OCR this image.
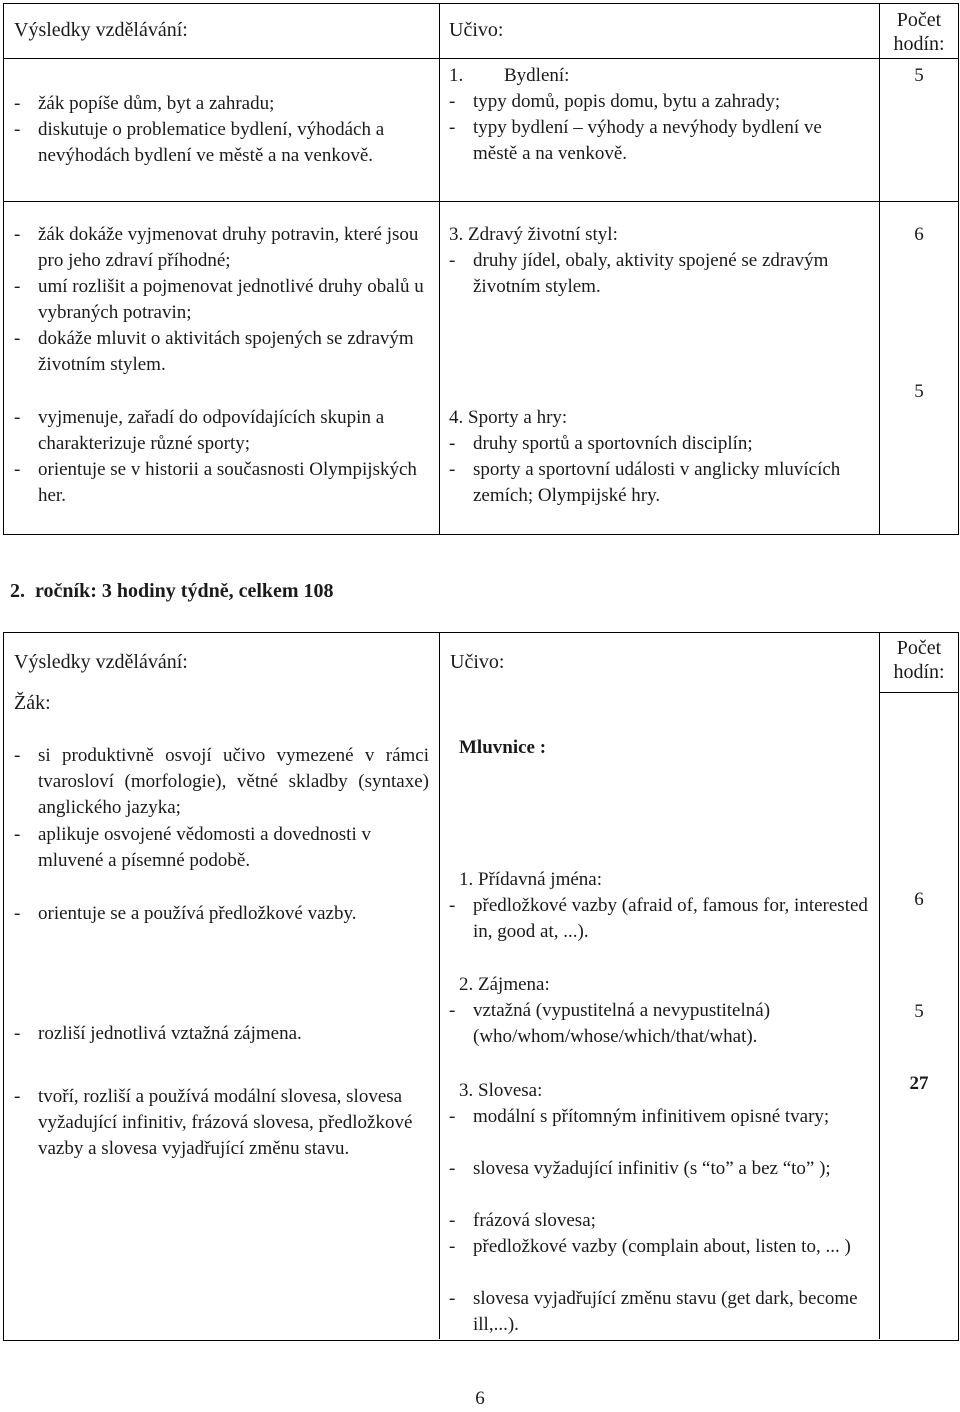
Výsledky vzdělávání:	Učivo:	Počet hodín:
- žák popíše dům, byt a zahradu;
- diskutuje o problematice bydlení, výhodách a nevýhodách bydlení ve městě a na venkově.
1. Bydlení:
- typy domů, popis domu, bytu a zahrady;
- typy bydlení – výhody a nevýhody bydlení ve městě a na venkově.
5
- žák dokáže vyjmenovat druhy potravin, které jsou pro jeho zdraví příhodné;
- umí rozlišit a pojmenovat jednotlivé druhy obalů u vybraných potravin;
- dokáže mluvit o aktivitách spojených se zdravým životním stylem.
- vyjmenuje, zařadí do odpovídajících skupin a charakterizuje různé sporty;
- orientuje se v historii a současnosti Olympijských her.
3. Zdravý životní styl:
- druhy jídel, obaly, aktivity spojené se zdravým životním stylem.
4. Sporty a hry:
- druhy sportů a sportovních disciplín;
- sporty a sportovní události v anglicky mluvících zemích; Olympijské hry.
6
5
2.  ročník: 3 hodiny týdně, celkem 108
Výsledky vzdělávání:
Žák:
Učivo:
Počet hodín:
- si produktivně osvojí učivo vymezené v rámci tvarosloví (morfologie), větné skladby (syntaxe) anglického jazyka;
- aplikuje osvojené vědomosti a dovednosti v mluvené a písemné podobě.
- orientuje se a používá předložkové vazby.
- rozliší jednotlivá vztažná zájmena.
- tvoří, rozliší a používá modální slovesa, slovesa vyžadující infinitiv, frázová slovesa, předložkové vazby a slovesa vyjadřující změnu stavu.
Mluvnice :
1. Přídavná jména:
- předložkové vazby (afraid of, famous for, interested in, good at, ...).
2. Zájmena:
- vztažná (vypustitelná a nevypustitelná) (who/whom/whose/which/that/what).
3. Slovesa:
- modální s přítomným infinitivem opisné tvary;
- slovesa vyžadující infinitiv (s “to” a bez “to” );
- frázová slovesa;
- předložkové vazby (complain about, listen to, ... )
- slovesa vyjadřující změnu stavu (get dark, become ill,...).
6
5
27
6
